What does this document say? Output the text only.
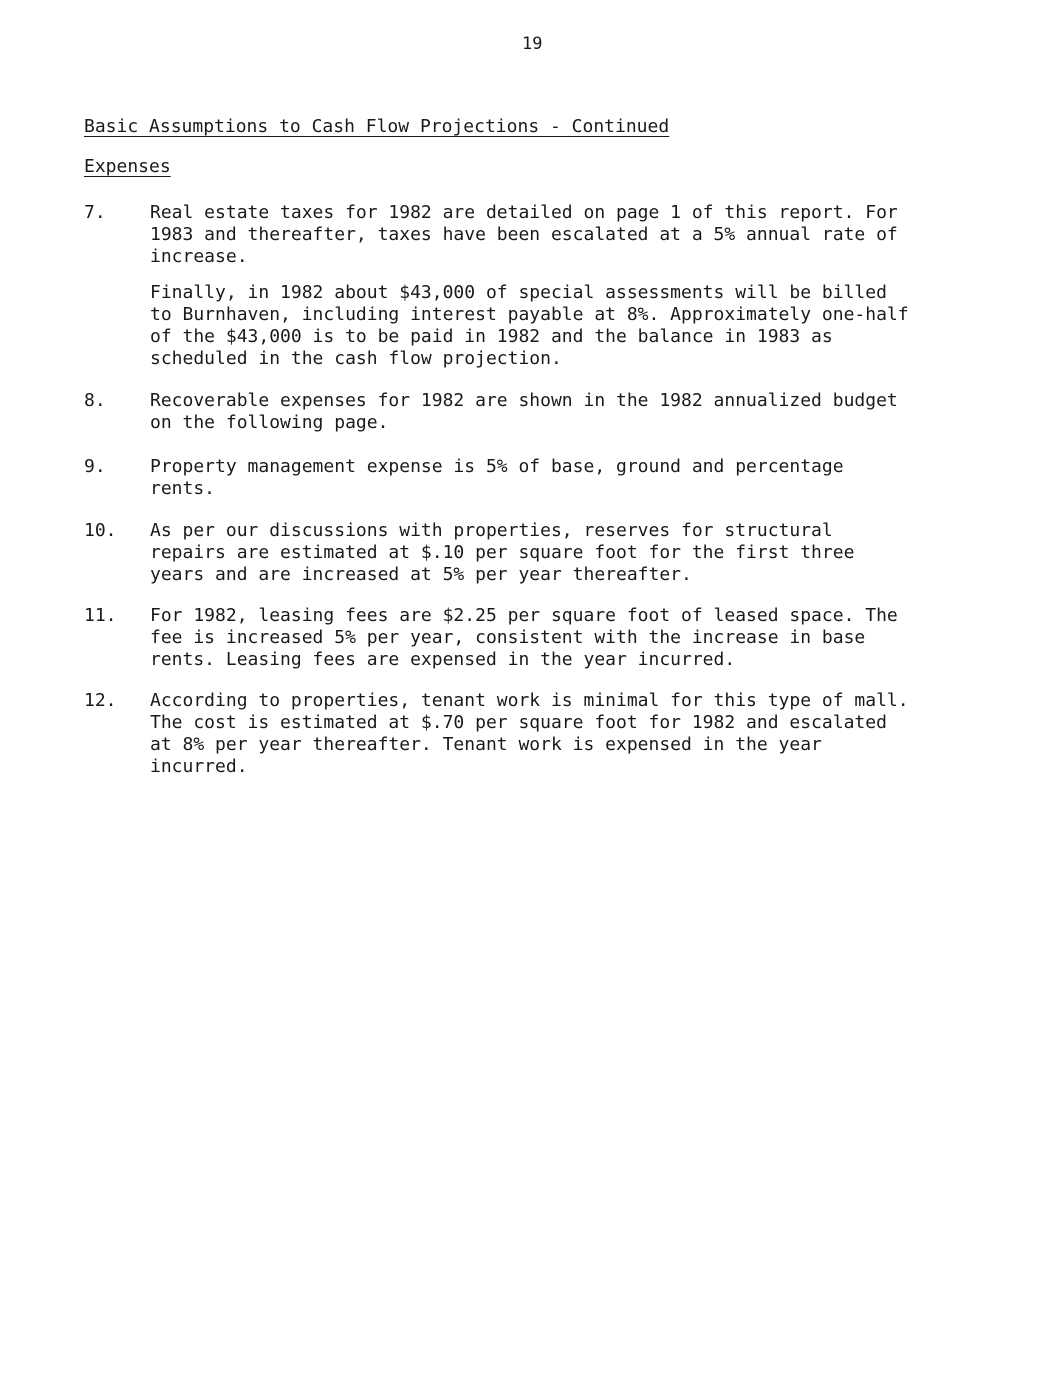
19
Basic Assumptions to Cash Flow Projections - Continued
Expenses
7. Real estate taxes for 1982 are detailed on page 1 of this report. For 1983 and thereafter, taxes have been escalated at a 5% annual rate of increase.

Finally, in 1982 about $43,000 of special assessments will be billed to Burnhaven, including interest payable at 8%. Approximately one-half of the $43,000 is to be paid in 1982 and the balance in 1983 as scheduled in the cash flow projection.

8. Recoverable expenses for 1982 are shown in the 1982 annualized budget on the following page.

9. Property management expense is 5% of base, ground and percentage rents.

10. As per our discussions with properties, reserves for structural repairs are estimated at $.10 per square foot for the first three years and are increased at 5% per year thereafter.

11. For 1982, leasing fees are $2.25 per square foot of leased space. The fee is increased 5% per year, consistent with the increase in base rents. Leasing fees are expensed in the year incurred.

12. According to properties, tenant work is minimal for this type of mall. The cost is estimated at $.70 per square foot for 1982 and escalated at 8% per year thereafter. Tenant work is expensed in the year incurred.
